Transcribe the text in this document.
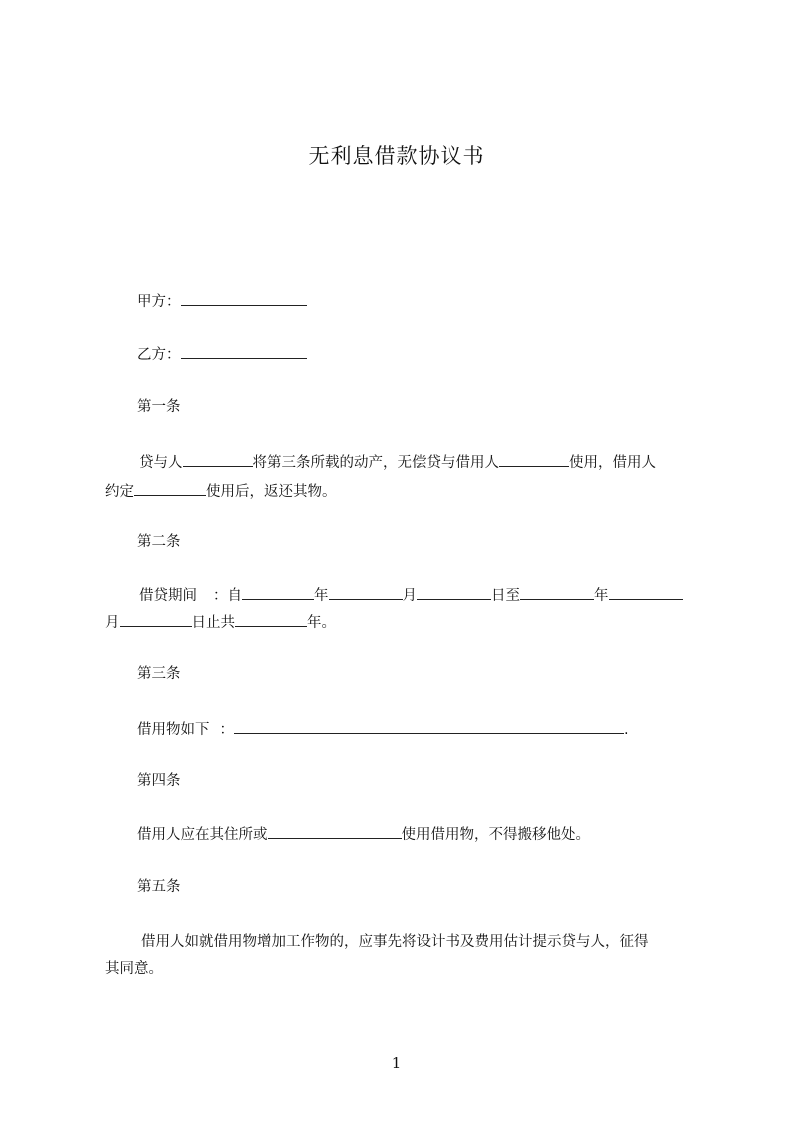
无利息借款协议书
甲方：
乙方：
第一条
贷与人	将第三条所载的动产，无偿贷与借用人	使用，借用人
约定	使用后，返还其物。
第二条
借贷期间 ：自	年	月	日至	年
月	日止共	年。
第三条
借用物如下 ：	.
第四条
借用人应在其住所或	使用借用物，不得搬移他处。
第五条
借用人如就借用物增加工作物的，应事先将设计书及费用估计提示贷与人，征得
其同意。
1
